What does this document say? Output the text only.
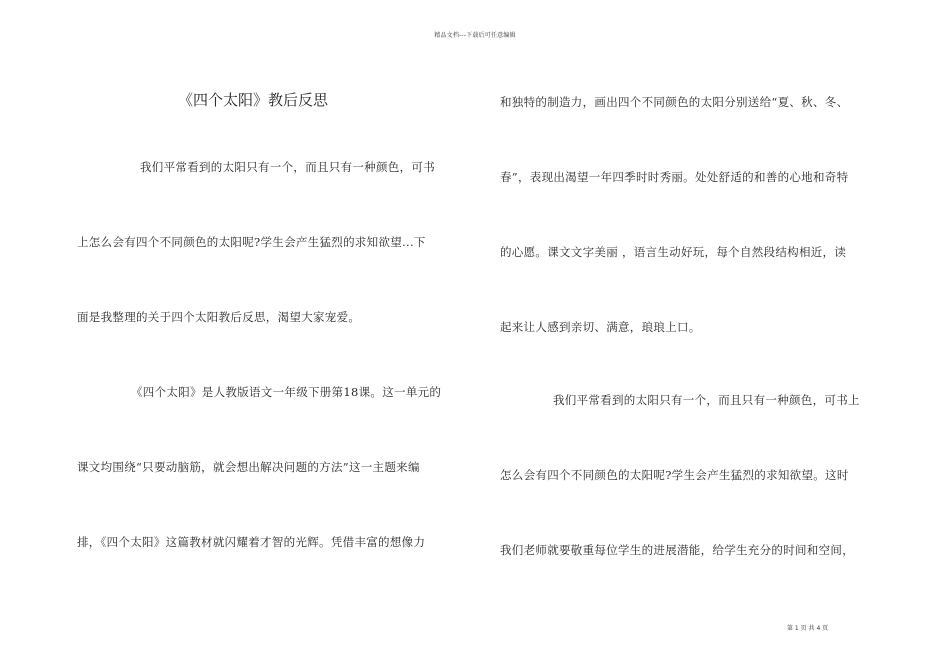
精品文档---下载后可任意编辑
《四个太阳》教后反思
我们平常看到的太阳只有一个，而且只有一种颜色，可书
上怎么会有四个不同颜色的太阳呢?学生会产生猛烈的求知欲望...下
面是我整理的关于四个太阳教后反思，渴望大家宠爱。
《四个太阳》是人教版语文一年级下册第18课。这一单元的
课文均围绕“只要动脑筋，就会想出解决问题的方法”这一主题来编
排，《四个太阳》这篇教材就闪耀着才智的光辉。凭借丰富的想像力
和独特的制造力，画出四个不同颜色的太阳分别送给“夏、秋、冬、
春”，表现出渴望一年四季时时秀丽。处处舒适的和善的心地和奇特
的心愿。课文文字美丽 ，语言生动好玩，每个自然段结构相近，读
起来让人感到亲切、满意，琅琅上口。
我们平常看到的太阳只有一个，而且只有一种颜色，可书上
怎么会有四个不同颜色的太阳呢?学生会产生猛烈的求知欲望。这时
我们老师就要敬重每位学生的进展潜能，给学生充分的时间和空间，
第 1 页 共 4 页
